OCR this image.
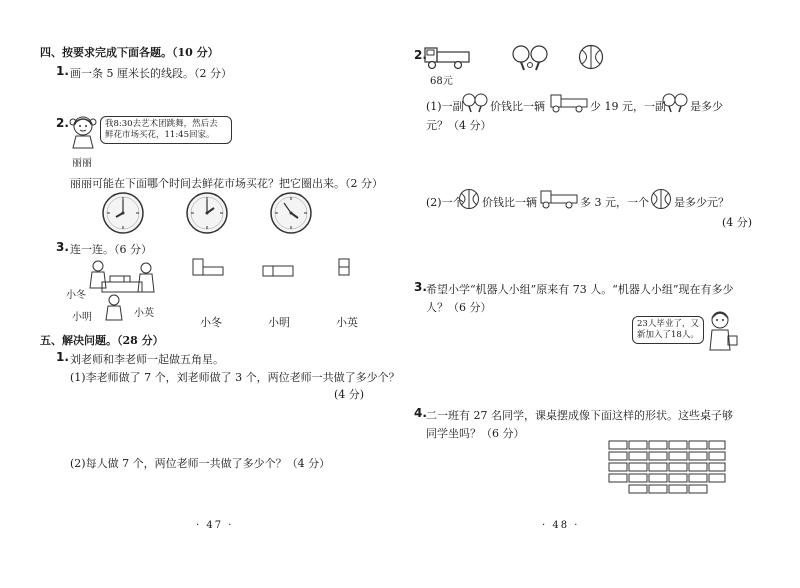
四、按要求完成下面各题。（10 分）
1. 画一条 5 厘米长的线段。（2 分）
2.	我8:30去艺术团跳舞，然后去
鲜花市场买花，11:45回家。
丽丽
丽丽可能在下面哪个时间去鲜花市场买花？把它圈出来。（2 分）
3. 连一连。（6 分）
小冬
小明	小英
小冬	小明	小英
五、解决问题。（28 分）
1. 刘老师和李老师一起做五角星。
(1)李老师做了 7 个，刘老师做了 3 个，两位老师一共做了多少个？
(4 分)
(2)每人做 7 个，两位老师一共做了多少个？（4 分）
· 47 ·
2.
68元
(1)一副 价钱比一辆	少 19 元，一副 是多少
元？（4 分）
(2)一个 价钱比一辆	多 3 元，一个 是多少元？
(4 分)
3. 希望小学“机器人小组”原来有 73 人。“机器人小组”现在有多少
人？（6 分）
23人毕业了，又
新加入了18人。
4. 二一班有 27 名同学，课桌摆成像下面这样的形状。这些桌子够
同学坐吗？（6 分）
· 48 ·
